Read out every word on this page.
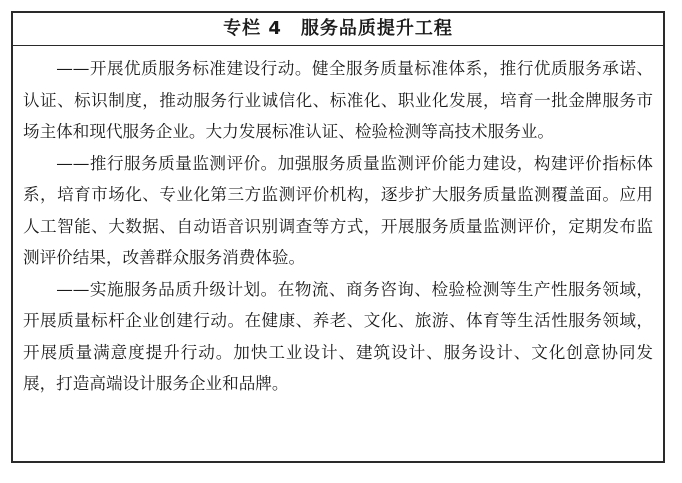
专栏 4　服务品质提升工程

——开展优质服务标准建设行动。健全服务质量标准体系，推行优质服务承诺、认证、标识制度，推动服务行业诚信化、标准化、职业化发展，培育一批金牌服务市场主体和现代服务企业。大力发展标准认证、检验检测等高技术服务业。

——推行服务质量监测评价。加强服务质量监测评价能力建设，构建评价指标体系，培育市场化、专业化第三方监测评价机构，逐步扩大服务质量监测覆盖面。应用人工智能、大数据、自动语音识别调查等方式，开展服务质量监测评价，定期发布监测评价结果，改善群众服务消费体验。

——实施服务品质升级计划。在物流、商务咨询、检验检测等生产性服务领域，开展质量标杆企业创建行动。在健康、养老、文化、旅游、体育等生活性服务领域，开展质量满意度提升行动。加快工业设计、建筑设计、服务设计、文化创意协同发展，打造高端设计服务企业和品牌。
